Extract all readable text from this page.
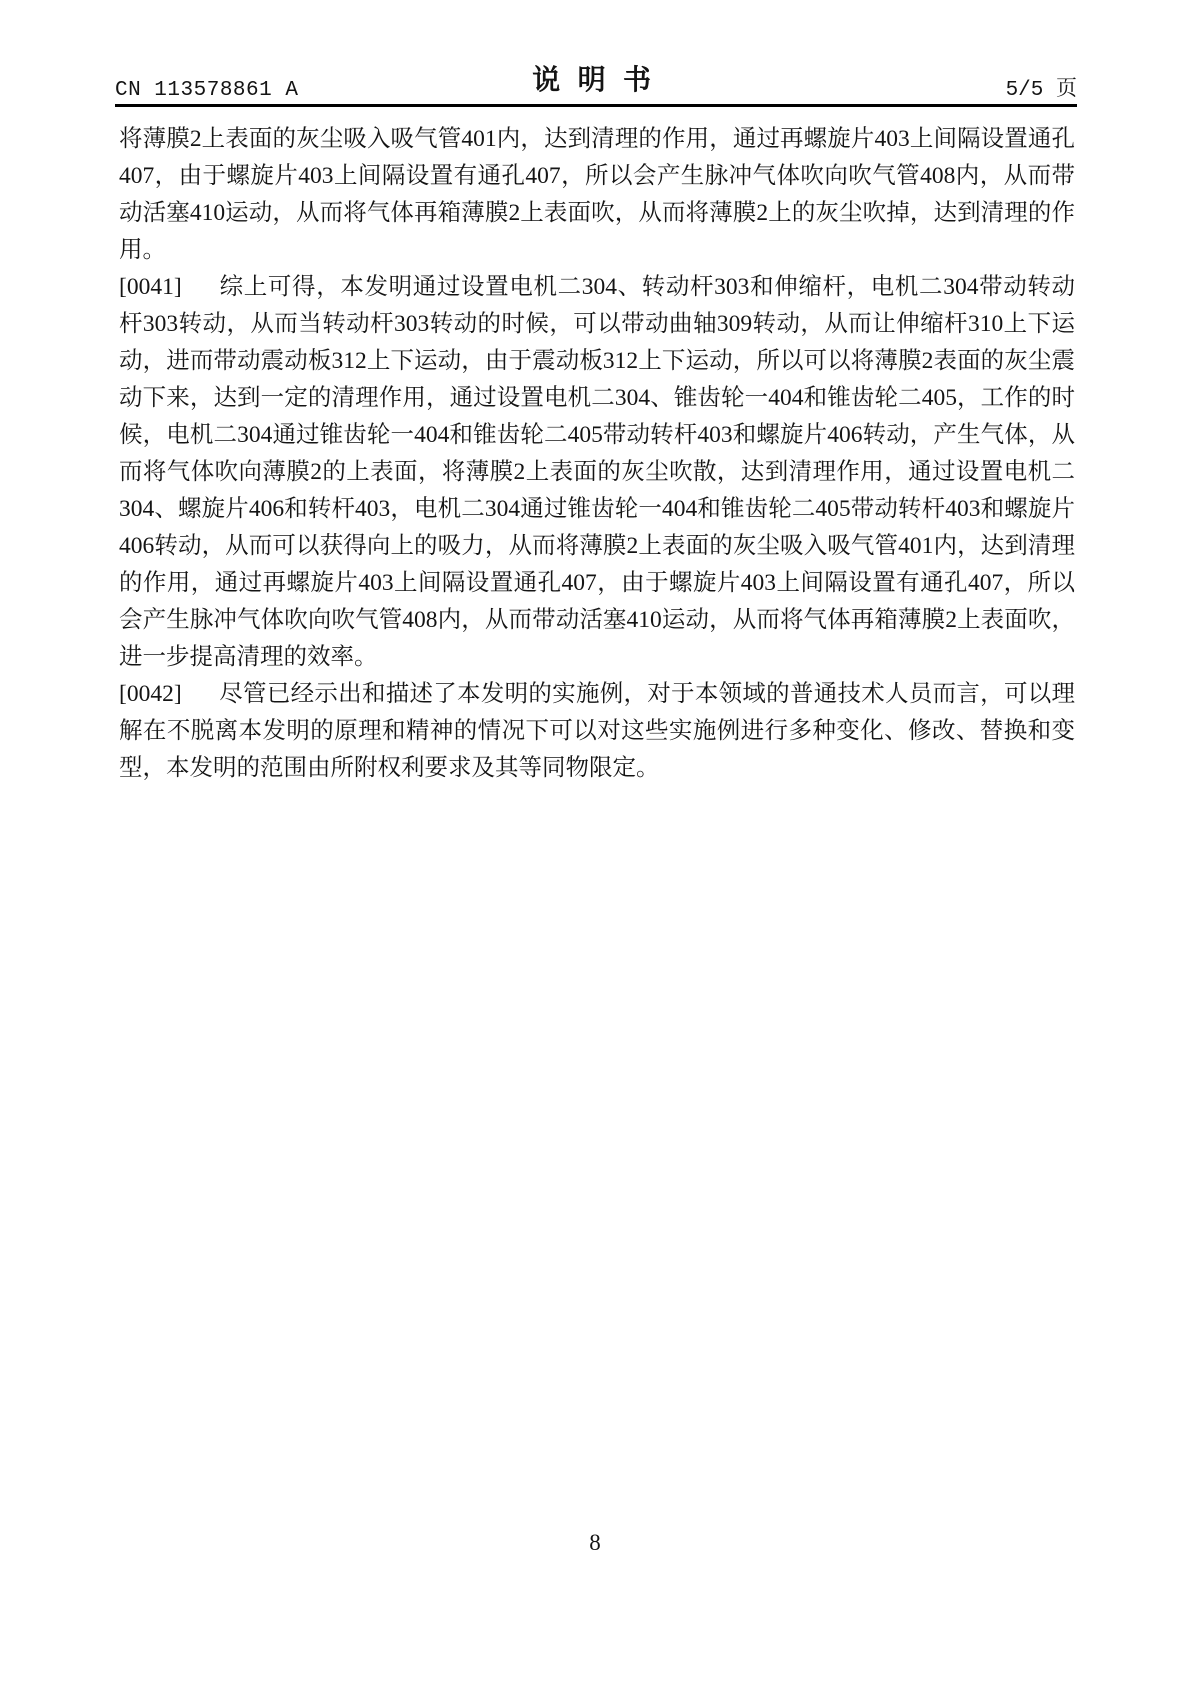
CN 113578861 A	说明书	5/5 页

将薄膜2上表面的灰尘吸入吸气管401内，达到清理的作用，通过再螺旋片403上间隔设置通孔407，由于螺旋片403上间隔设置有通孔407，所以会产生脉冲气体吹向吹气管408内，从而带动活塞410运动，从而将气体再箱薄膜2上表面吹，从而将薄膜2上的灰尘吹掉，达到清理的作用。

[0041] 综上可得，本发明通过设置电机二304、转动杆303和伸缩杆，电机二304带动转动杆303转动，从而当转动杆303转动的时候，可以带动曲轴309转动，从而让伸缩杆310上下运动，进而带动震动板312上下运动，由于震动板312上下运动，所以可以将薄膜2表面的灰尘震动下来，达到一定的清理作用，通过设置电机二304、锥齿轮一404和锥齿轮二405，工作的时候，电机二304通过锥齿轮一404和锥齿轮二405带动转杆403和螺旋片406转动，产生气体，从而将气体吹向薄膜2的上表面，将薄膜2上表面的灰尘吹散，达到清理作用，通过设置电机二304、螺旋片406和转杆403，电机二304通过锥齿轮一404和锥齿轮二405带动转杆403和螺旋片406转动，从而可以获得向上的吸力，从而将薄膜2上表面的灰尘吸入吸气管401内，达到清理的作用，通过再螺旋片403上间隔设置通孔407，由于螺旋片403上间隔设置有通孔407，所以会产生脉冲气体吹向吹气管408内，从而带动活塞410运动，从而将气体再箱薄膜2上表面吹，进一步提高清理的效率。

[0042] 尽管已经示出和描述了本发明的实施例，对于本领域的普通技术人员而言，可以理解在不脱离本发明的原理和精神的情况下可以对这些实施例进行多种变化、修改、替换和变型，本发明的范围由所附权利要求及其等同物限定。

8
